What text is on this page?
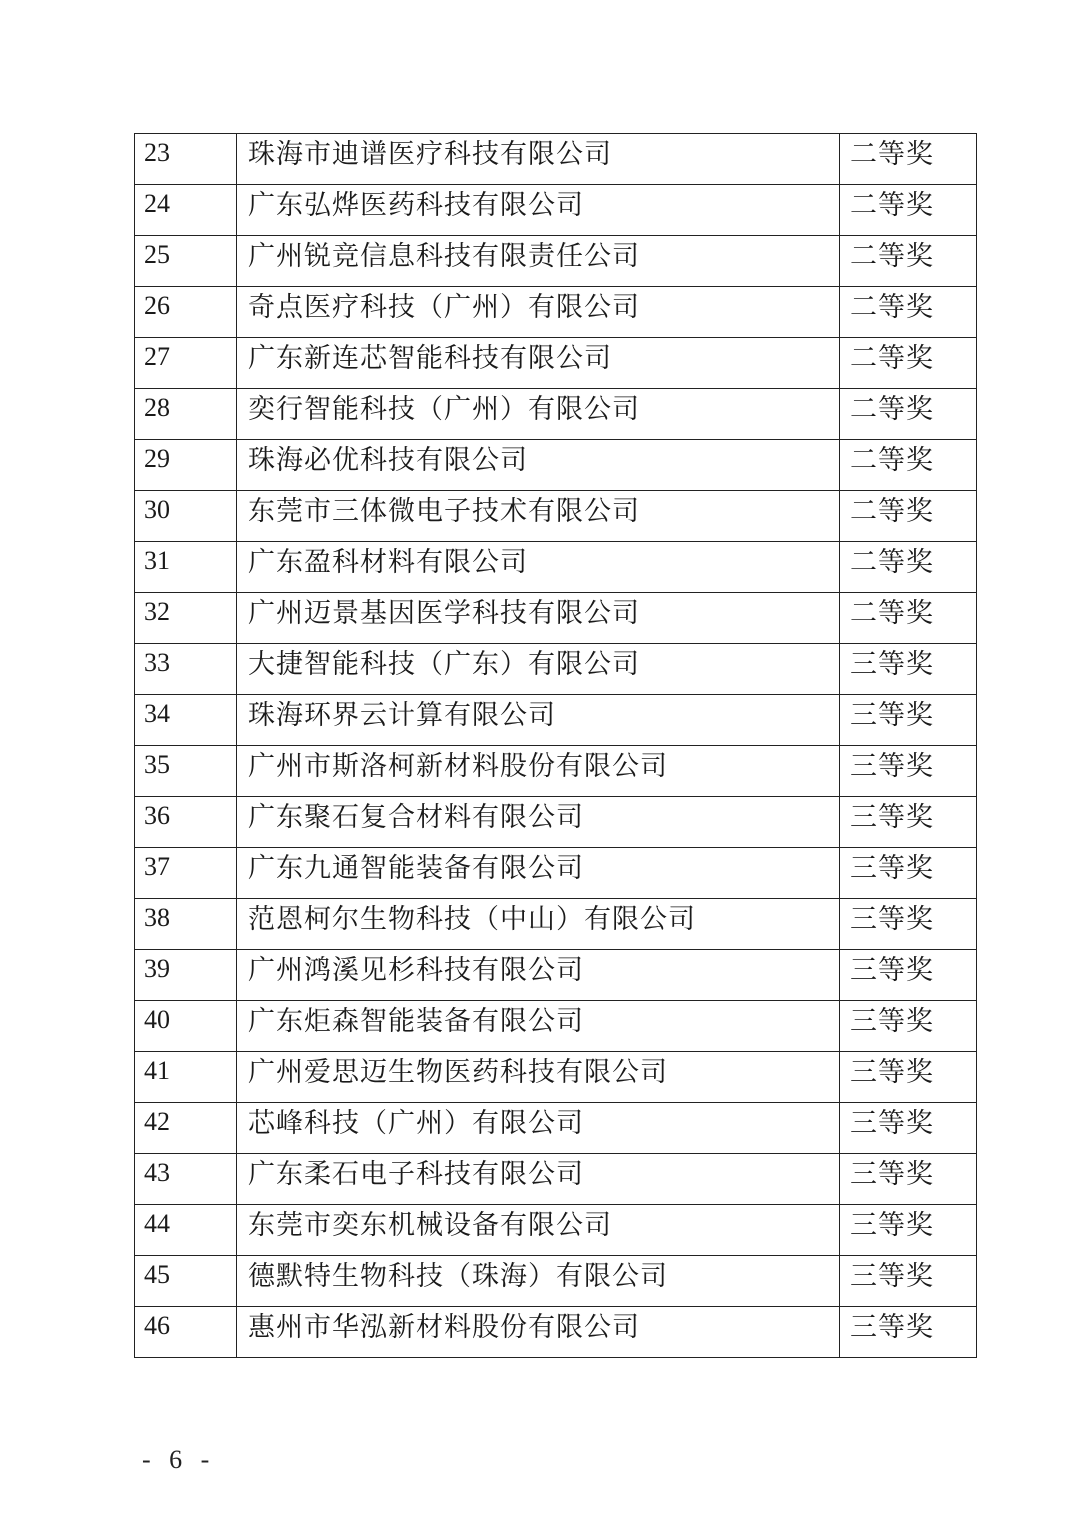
23	珠海市迪谱医疗科技有限公司	二等奖

24	广东弘烨医药科技有限公司	二等奖

25	广州锐竞信息科技有限责任公司	二等奖

26	奇点医疗科技（广州）有限公司	二等奖

27	广东新连芯智能科技有限公司	二等奖

28	奕行智能科技（广州）有限公司	二等奖

29	珠海必优科技有限公司	二等奖

30	东莞市三体微电子技术有限公司	二等奖

31	广东盈科材料有限公司	二等奖

32	广州迈景基因医学科技有限公司	二等奖

33	大捷智能科技（广东）有限公司	三等奖

34	珠海环界云计算有限公司	三等奖

35	广州市斯洛柯新材料股份有限公司	三等奖

36	广东聚石复合材料有限公司	三等奖

37	广东九通智能装备有限公司	三等奖

38	范恩柯尔生物科技（中山）有限公司	三等奖

39	广州鸿溪见杉科技有限公司	三等奖

40	广东炬森智能装备有限公司	三等奖

41	广州爱思迈生物医药科技有限公司	三等奖

42	芯峰科技（广州）有限公司	三等奖

43	广东柔石电子科技有限公司	三等奖

44	东莞市奕东机械设备有限公司	三等奖

45	德默特生物科技（珠海）有限公司	三等奖

46	惠州市华泓新材料股份有限公司	三等奖
- 6 -
